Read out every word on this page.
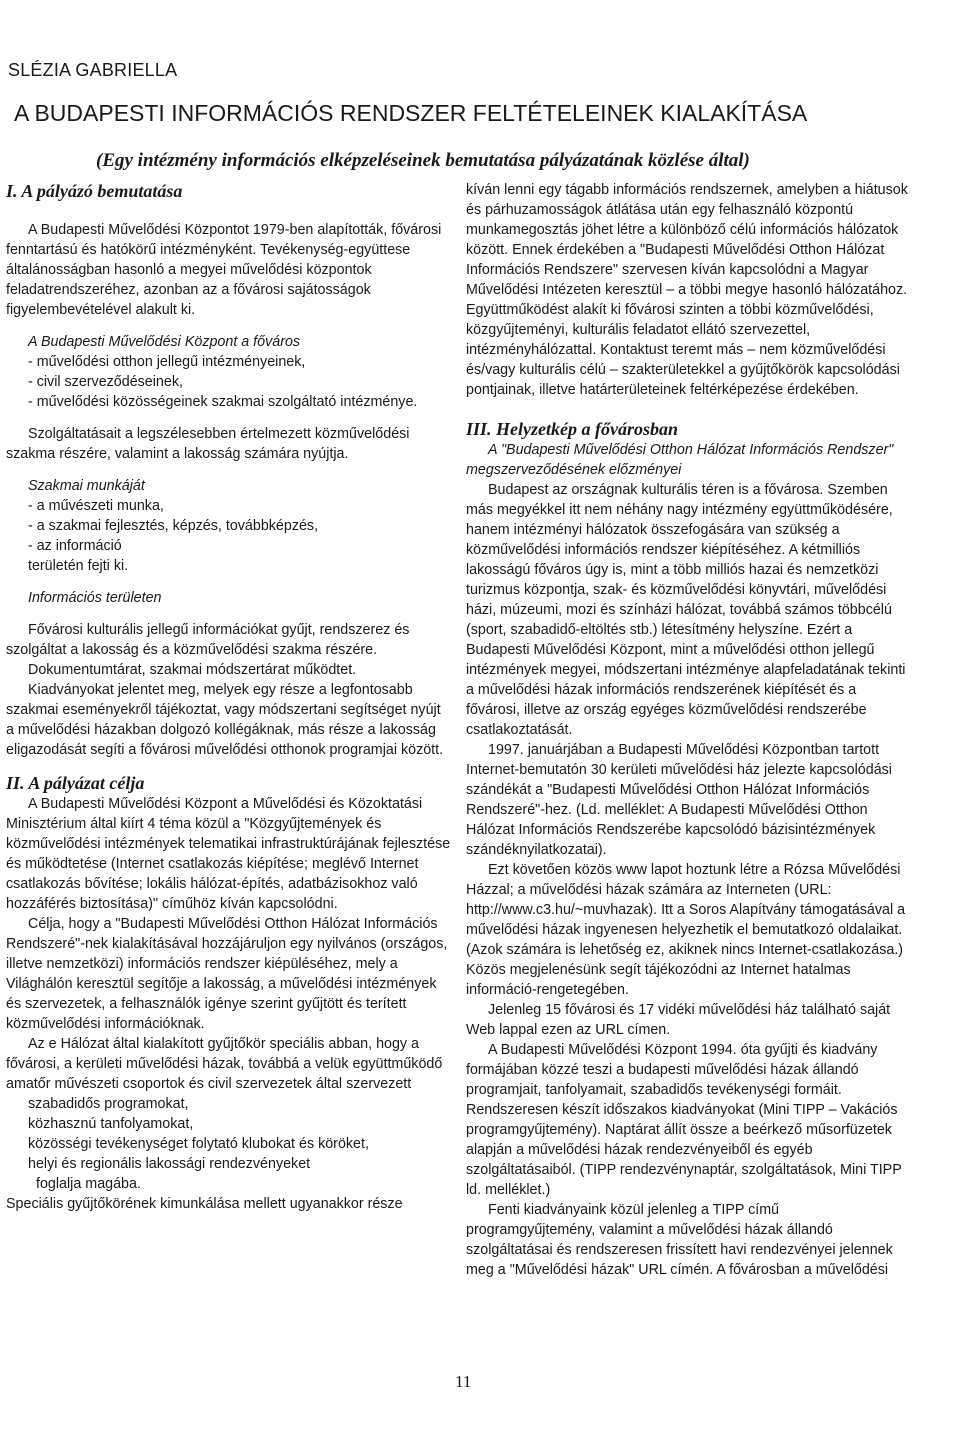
SLÉZIA GABRIELLA
A BUDAPESTI INFORMÁCIÓS RENDSZER FELTÉTELEINEK KIALAKÍTÁSA
(Egy intézmény információs elképzeléseinek bemutatása pályázatának közlése által)

I. A pályázó bemutatása

A Budapesti Művelődési Központot 1979-ben alapították, fővárosi fenntartású és hatókörű intézményként. Tevékenység-együttese általánosságban hasonló a megyei művelődési központok feladatrendszeréhez, azonban az a fővárosi sajátosságok figyelembevételével alakult ki.

A Budapesti Művelődési Központ a főváros

- művelődési otthon jellegű intézményeinek,

- civil szerveződéseinek,

- művelődési közösségeinek szakmai szolgáltató intézménye.

Szolgáltatásait a legszélesebben értelmezett közművelődési szakma részére, valamint a lakosság számára nyújtja.

Szakmai munkáját

- a művészeti munka,

- a szakmai fejlesztés, képzés, továbbképzés,

- az információ

területén fejti ki.

Információs területen

Fővárosi kulturális jellegű információkat gyűjt, rendszerez és szolgáltat a lakosság és a közművelődési szakma részére.

Dokumentumtárat, szakmai módszertárat működtet.

Kiadványokat jelentet meg, melyek egy része a legfontosabb szakmai eseményekről tájékoztat, vagy módszertani segítséget nyújt a művelődési házakban dolgozó kollégáknak, más része a lakosság eligazodását segíti a fővárosi művelődési otthonok programjai között.

II. A pályázat célja

A Budapesti Művelődési Központ a Művelődési és Közoktatási Minisztérium által kiírt 4 téma közül a "Közgyűjtemények és közművelődési intézmények telematikai infrastruktúrájának fejlesztése és működtetése (Internet csatlakozás kiépítése; meglévő Internet csatlakozás bővítése; lokális hálózat-építés, adatbázisokhoz való hozzáférés biztosítása)" címűhöz kíván kapcsolódni.

Célja, hogy a "Budapesti Művelődési Otthon Hálózat Információs Rendszeré"-nek kialakításával hozzájáruljon egy nyilvános (országos, illetve nemzetközi) információs rendszer kiépüléséhez, mely a Világhálón keresztül segítője a lakosság, a művelődési intézmények és szervezetek, a felhasználók igénye szerint gyűjtött és terített közművelődési információknak.

Az e Hálózat által kialakított gyűjtőkör speciális abban, hogy a fővárosi, a kerületi művelődési házak, továbbá a velük együttműködő amatőr művészeti csoportok és civil szervezetek által szervezett

szabadidős programokat,

közhasznú tanfolyamokat,

közösségi tevékenységet folytató klubokat és köröket,

helyi és regionális lakossági rendezvényeket

foglalja magába.

Speciális gyűjtőkörének kimunkálása mellett ugyanakkor része

kíván lenni egy tágabb információs rendszernek, amelyben a hiátusok és párhuzamosságok átlátása után egy felhasználó központú munkamegosztás jöhet létre a különböző célú információs hálózatok között. Ennek érdekében a "Budapesti Művelődési Otthon Hálózat Információs Rendszere" szervesen kíván kapcsolódni a Magyar Művelődési Intézeten keresztül – a többi megye hasonló hálózatához. Együttműködést alakít ki fővárosi szinten a többi közművelődési, közgyűjteményi, kulturális feladatot ellátó szervezettel, intézményhálózattal. Kontaktust teremt más – nem közművelődési és/vagy kulturális célú – szakterületekkel a gyűjtőkörök kapcsolódási pontjainak, illetve határterületeinek feltérképezése érdekében.

III. Helyzetkép a fővárosban

A "Budapesti Művelődési Otthon Hálózat Információs Rendszer" megszerveződésének előzményei

Budapest az országnak kulturális téren is a fővárosa. Szemben más megyékkel itt nem néhány nagy intézmény együttműködésére, hanem intézményi hálózatok összefogására van szükség a közművelődési információs rendszer kiépítéséhez. A kétmilliós lakosságú főváros úgy is, mint a több milliós hazai és nemzetközi turizmus központja, szak- és közművelődési könyvtári, művelődési házi, múzeumi, mozi és színházi hálózat, továbbá számos többcélú (sport, szabadidő-eltöltés stb.) létesítmény helyszíne. Ezért a Budapesti Művelődési Központ, mint a művelődési otthon jellegű intézmények megyei, módszertani intézménye alapfeladatának tekinti a művelődési házak információs rendszerének kiépítését és a fővárosi, illetve az ország egyéges közművelődési rendszerébe csatlakoztatását.

1997. januárjában a Budapesti Művelődési Központban tartott Internet-bemutatón 30 kerületi művelődési ház jelezte kapcsolódási szándékát a "Budapesti Művelődési Otthon Hálózat Információs Rendszeré"-hez. (Ld. melléklet: A Budapesti Művelődési Otthon Hálózat Információs Rendszerébe kapcsolódó bázisintézmények szándéknyilatkozatai).

Ezt követően közös www lapot hoztunk létre a Rózsa Művelődési Házzal; a művelődési házak számára az Interneten (URL: http://www.c3.hu/~muvhazak). Itt a Soros Alapítvány támogatásával a művelődési házak ingyenesen helyezhetik el bemutatkozó oldalaikat. (Azok számára is lehetőség ez, akiknek nincs Internet-csatlakozása.) Közös megjelenésünk segít tájékozódni az Internet hatalmas információ-rengetegében.

Jelenleg 15 fővárosi és 17 vidéki művelődési ház található saját Web lappal ezen az URL címen.

A Budapesti Művelődési Központ 1994. óta gyűjti és kiadvány formájában közzé teszi a budapesti művelődési házak állandó programjait, tanfolyamait, szabadidős tevékenységi formáit. Rendszeresen készít időszakos kiadványokat (Mini TIPP – Vakációs programgyűjtemény). Naptárat állít össze a beérkező műsorfüzetek alapján a művelődési házak rendezvényeiből és egyéb szolgáltatásaiból. (TIPP rendezvénynaptár, szolgáltatások, Mini TIPP ld. melléklet.)

Fenti kiadványaink közül jelenleg a TIPP című programgyűjtemény, valamint a művelődési házak állandó szolgáltatásai és rendszeresen frissített havi rendezvényei jelennek meg a "Művelődési házak" URL címén. A fővárosban a művelődési

11
